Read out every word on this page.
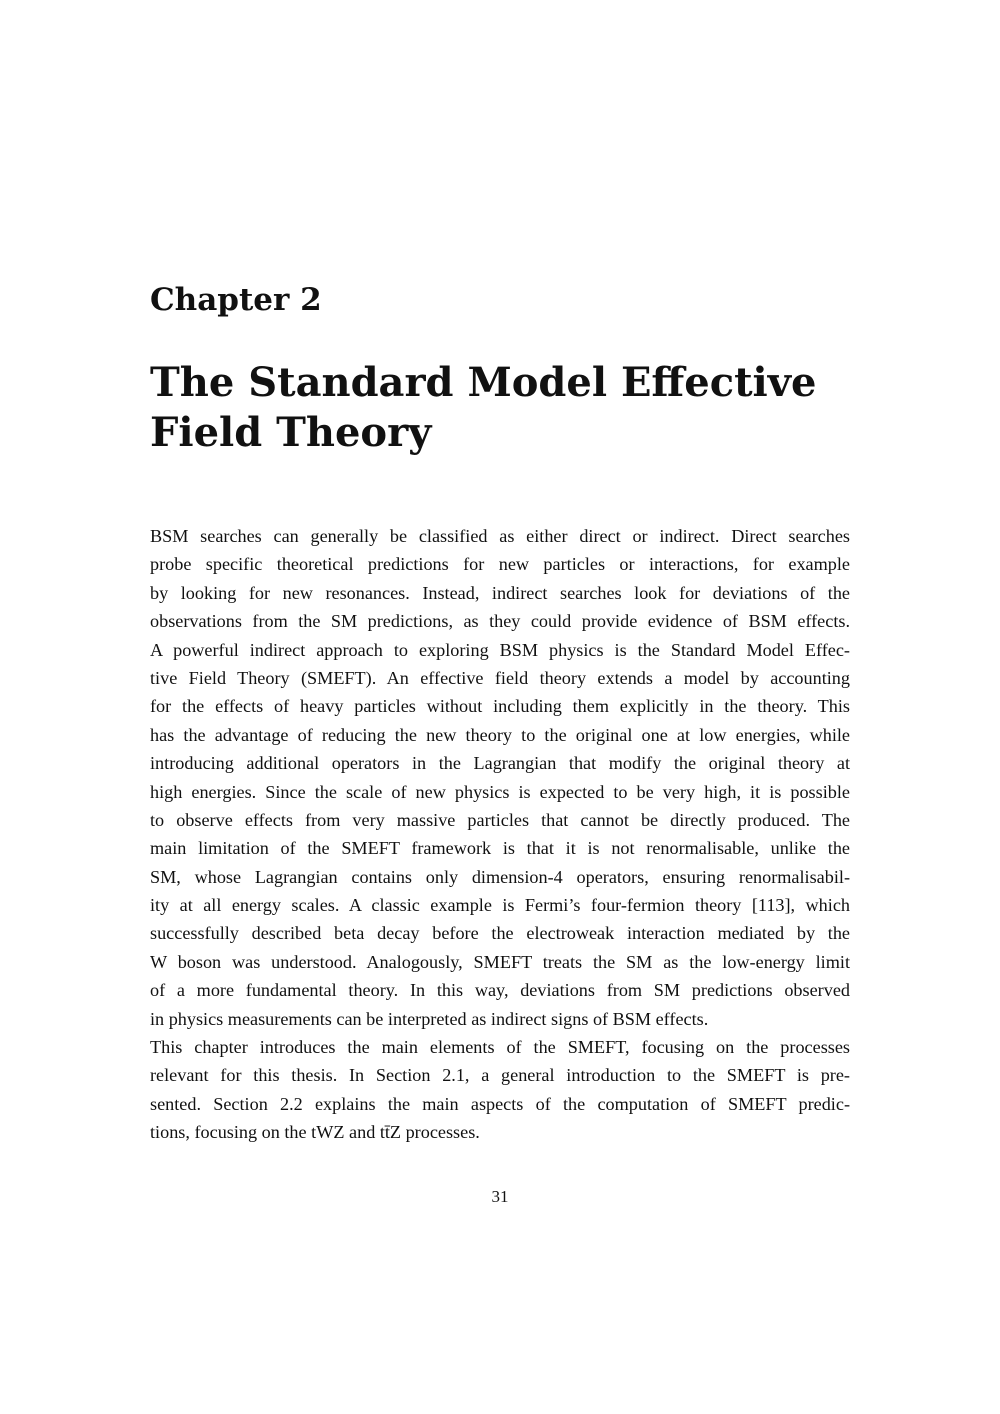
Chapter 2
The Standard Model Effective
Field Theory
BSM searches can generally be classified as either direct or indirect. Direct searches
probe specific theoretical predictions for new particles or interactions, for example
by looking for new resonances. Instead, indirect searches look for deviations of the
observations from the SM predictions, as they could provide evidence of BSM effects.
A powerful indirect approach to exploring BSM physics is the Standard Model Effec-
tive Field Theory (SMEFT). An effective field theory extends a model by accounting
for the effects of heavy particles without including them explicitly in the theory. This
has the advantage of reducing the new theory to the original one at low energies, while
introducing additional operators in the Lagrangian that modify the original theory at
high energies. Since the scale of new physics is expected to be very high, it is possible
to observe effects from very massive particles that cannot be directly produced. The
main limitation of the SMEFT framework is that it is not renormalisable, unlike the
SM, whose Lagrangian contains only dimension-4 operators, ensuring renormalisabil-
ity at all energy scales. A classic example is Fermi’s four-fermion theory [113], which
successfully described beta decay before the electroweak interaction mediated by the
W boson was understood. Analogously, SMEFT treats the SM as the low-energy limit
of a more fundamental theory. In this way, deviations from SM predictions observed
in physics measurements can be interpreted as indirect signs of BSM effects.
This chapter introduces the main elements of the SMEFT, focusing on the processes
relevant for this thesis. In Section 2.1, a general introduction to the SMEFT is pre-
sented. Section 2.2 explains the main aspects of the computation of SMEFT predic-
tions, focusing on the tWZ and tt̄Z processes.
31
